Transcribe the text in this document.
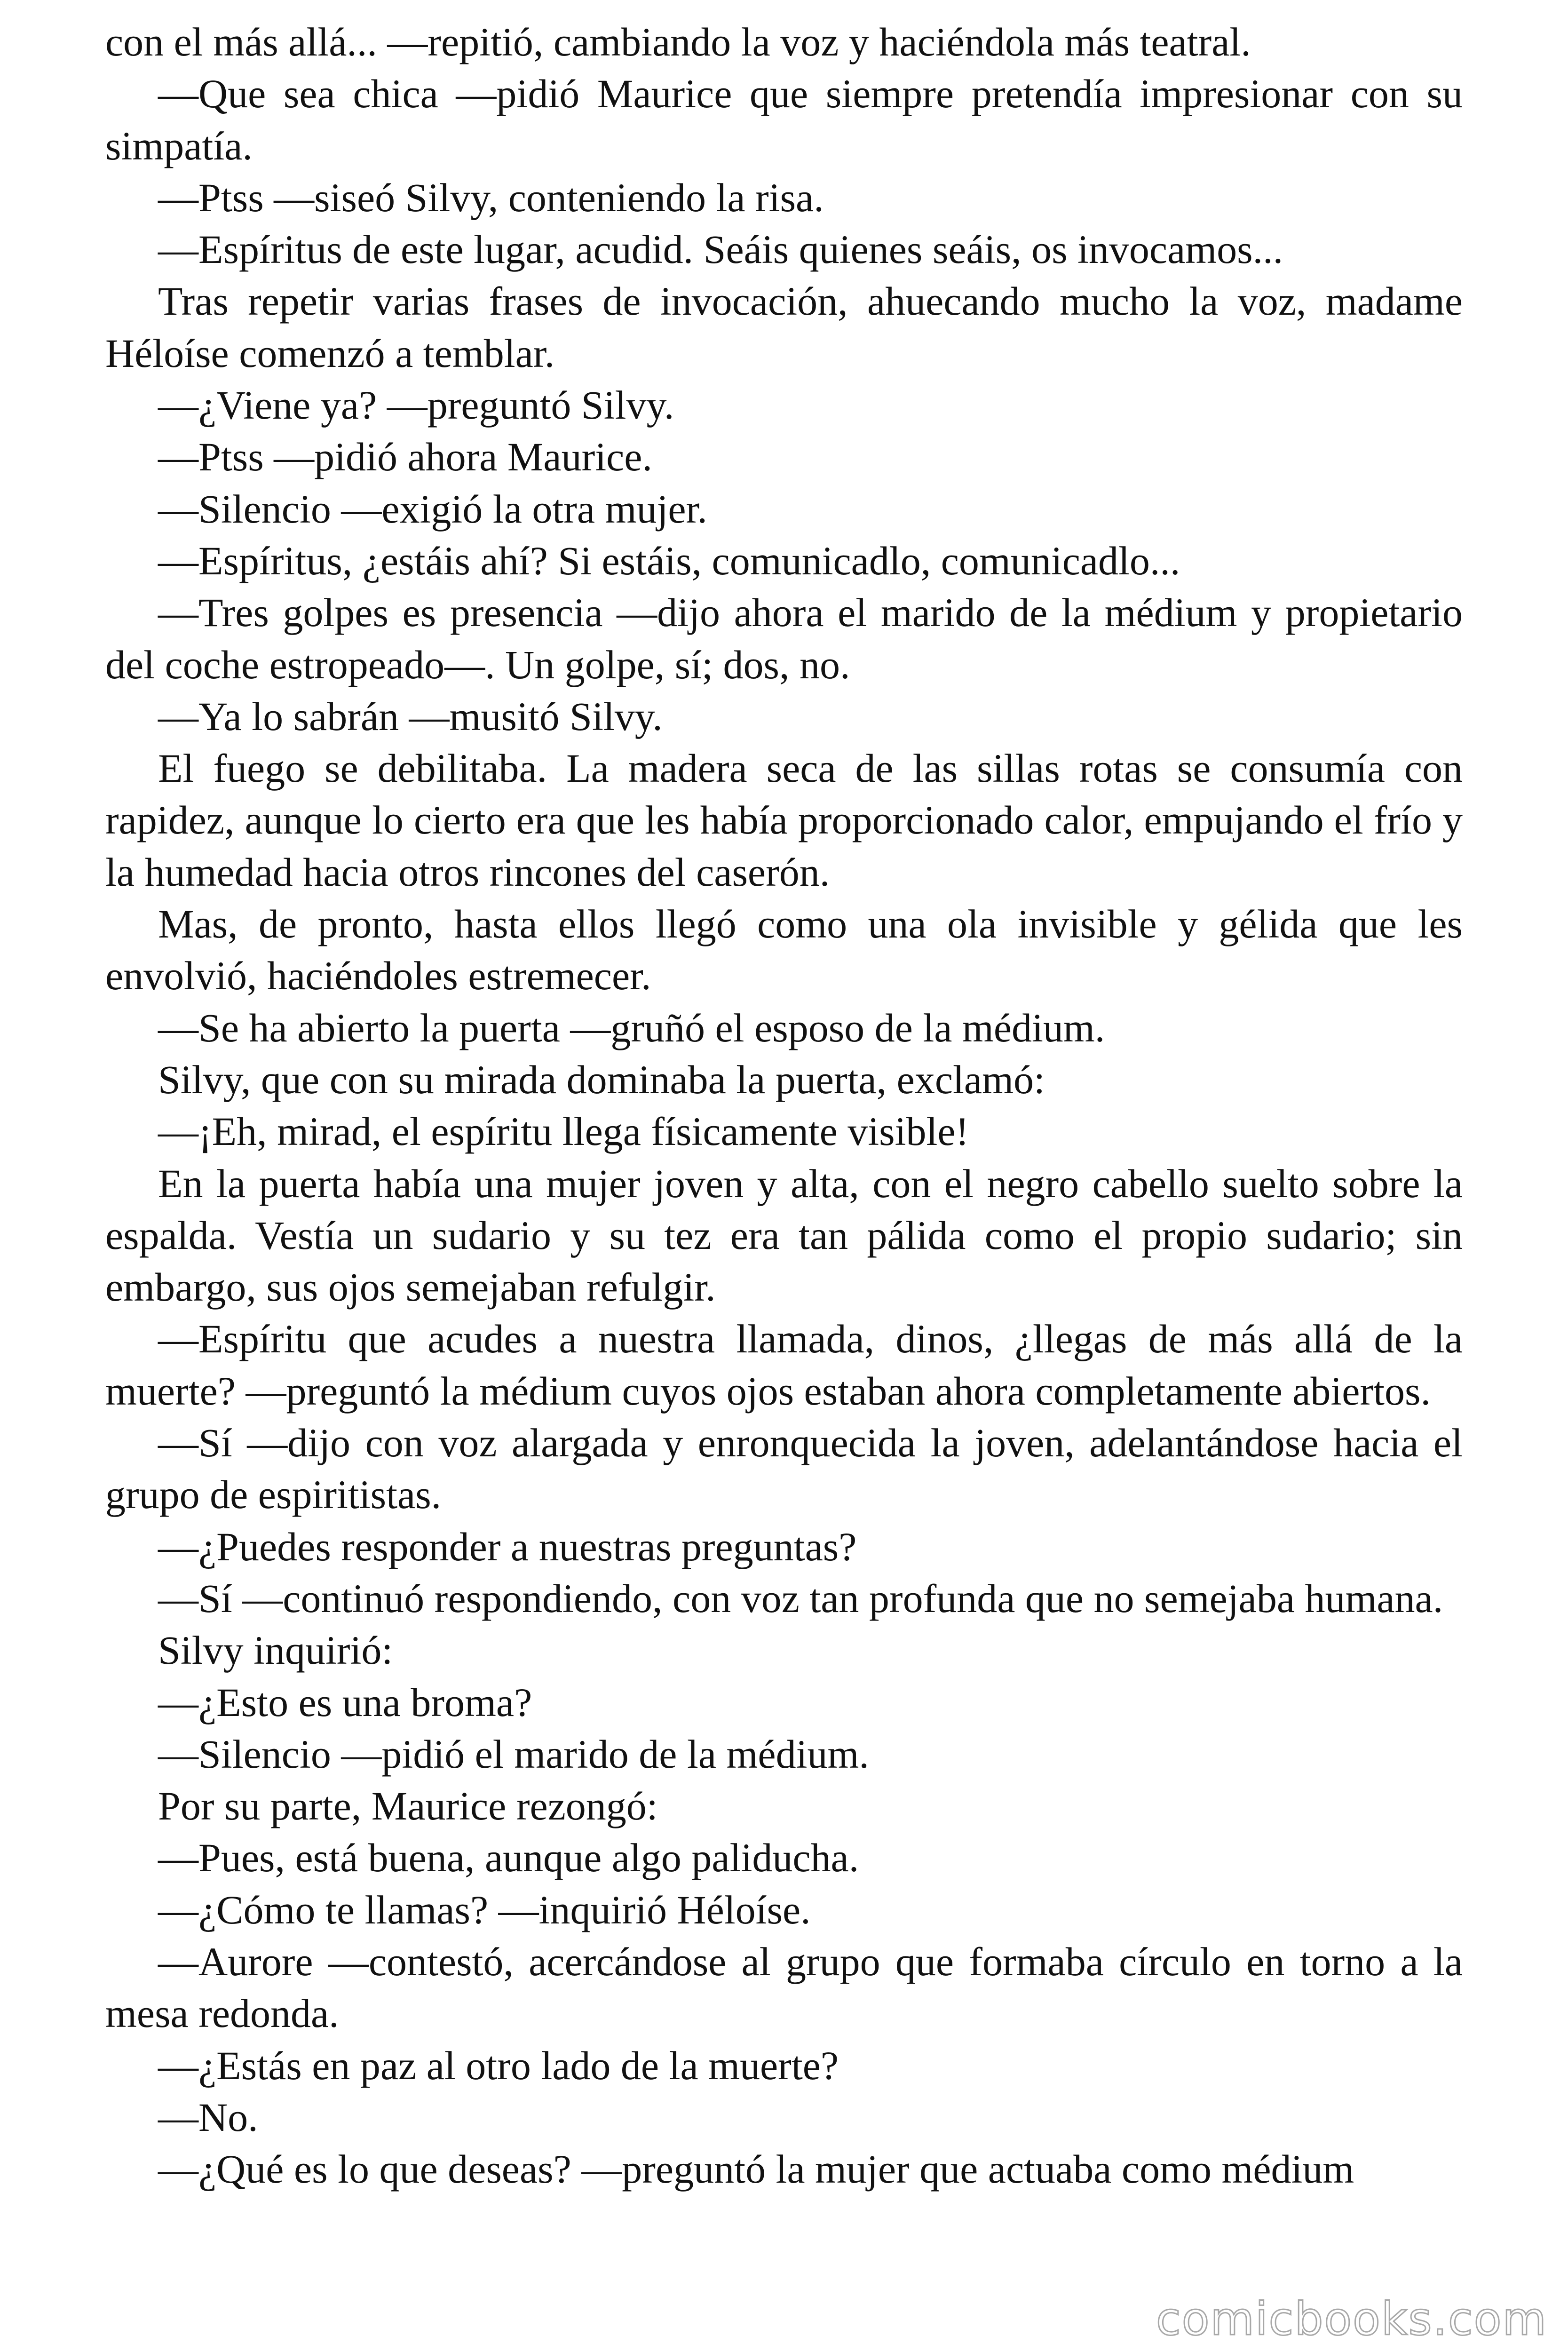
con el más allá... —repitió, cambiando la voz y haciéndola más teatral.

—Que sea chica —pidió Maurice que siempre pretendía impresionar con su simpatía.

—Ptss —siseó Silvy, conteniendo la risa.

—Espíritus de este lugar, acudid. Seáis quienes seáis, os invocamos...

Tras repetir varias frases de invocación, ahuecando mucho la voz, madame Héloíse comenzó a temblar.

—¿Viene ya? —preguntó Silvy.

—Ptss —pidió ahora Maurice.

—Silencio —exigió la otra mujer.

—Espíritus, ¿estáis ahí? Si estáis, comunicadlo, comunicadlo...

—Tres golpes es presencia —dijo ahora el marido de la médium y propietario del coche estropeado—. Un golpe, sí; dos, no.

—Ya lo sabrán —musitó Silvy.

El fuego se debilitaba. La madera seca de las sillas rotas se consumía con rapidez, aunque lo cierto era que les había proporcionado calor, empujando el frío y la humedad hacia otros rincones del caserón.

Mas, de pronto, hasta ellos llegó como una ola invisible y gélida que les envolvió, haciéndoles estremecer.

—Se ha abierto la puerta —gruñó el esposo de la médium.

Silvy, que con su mirada dominaba la puerta, exclamó:

—¡Eh, mirad, el espíritu llega físicamente visible!

En la puerta había una mujer joven y alta, con el negro cabello suelto sobre la espalda. Vestía un sudario y su tez era tan pálida como el propio sudario; sin embargo, sus ojos semejaban refulgir.

—Espíritu que acudes a nuestra llamada, dinos, ¿llegas de más allá de la muerte? —preguntó la médium cuyos ojos estaban ahora completamente abiertos.

—Sí —dijo con voz alargada y enronquecida la joven, adelantándose hacia el grupo de espiritistas.

—¿Puedes responder a nuestras preguntas?

—Sí —continuó respondiendo, con voz tan profunda que no semejaba humana.

Silvy inquirió:

—¿Esto es una broma?

—Silencio —pidió el marido de la médium.

Por su parte, Maurice rezongó:

—Pues, está buena, aunque algo paliducha.

—¿Cómo te llamas? —inquirió Héloíse.

—Aurore —contestó, acercándose al grupo que formaba círculo en torno a la mesa redonda.

—¿Estás en paz al otro lado de la muerte?

—No.

—¿Qué es lo que deseas? —preguntó la mujer que actuaba como médium

comicbooks.com
